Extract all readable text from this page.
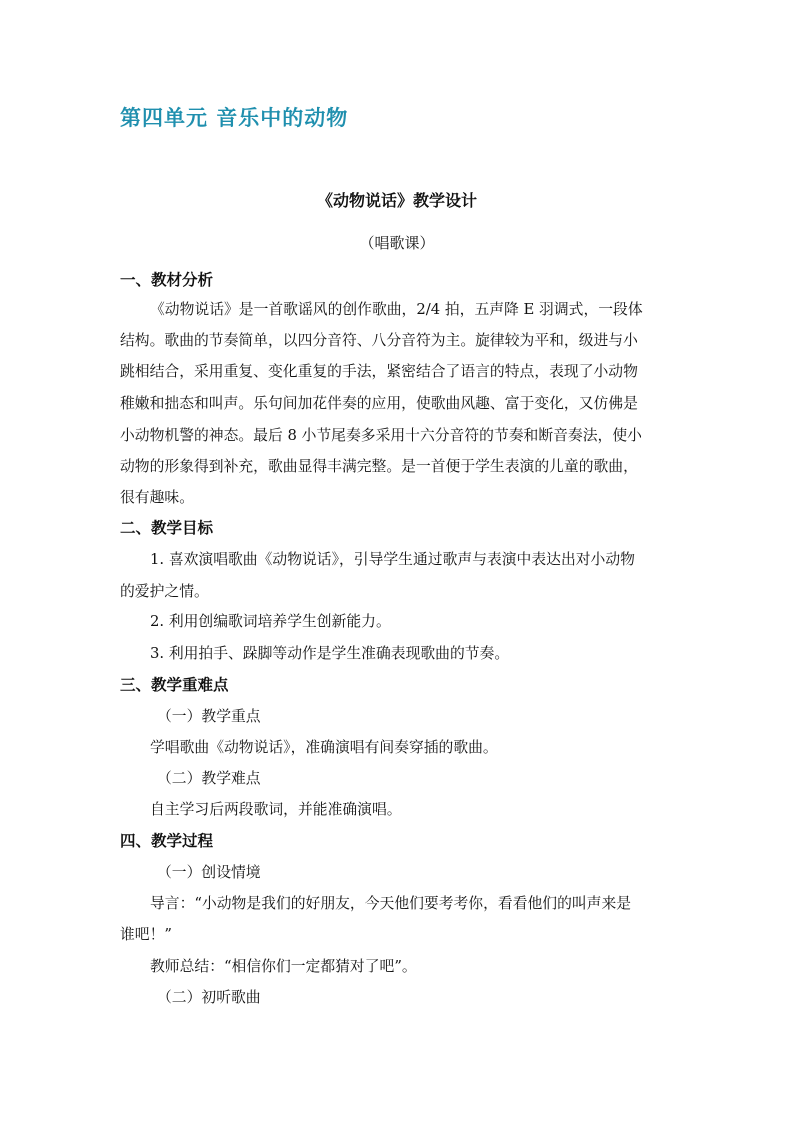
第四单元 音乐中的动物
《动物说话》教学设计
（唱歌课）
一、教材分析
《动物说话》是一首歌谣风的创作歌曲，2/4 拍，五声降 E 羽调式，一段体
结构。歌曲的节奏简单，以四分音符、八分音符为主。旋律较为平和，级进与小
跳相结合，采用重复、变化重复的手法，紧密结合了语言的特点，表现了小动物
稚嫩和拙态和叫声。乐句间加花伴奏的应用，使歌曲风趣、富于变化，又仿佛是
小动物机警的神态。最后 8 小节尾奏多采用十六分音符的节奏和断音奏法，使小
动物的形象得到补充，歌曲显得丰满完整。是一首便于学生表演的儿童的歌曲，
很有趣味。
二、教学目标
1. 喜欢演唱歌曲《动物说话》，引导学生通过歌声与表演中表达出对小动物
的爱护之情。
2. 利用创编歌词培养学生创新能力。
3. 利用拍手、跺脚等动作是学生准确表现歌曲的节奏。
三、教学重难点
（一）教学重点
学唱歌曲《动物说话》，准确演唱有间奏穿插的歌曲。
（二）教学难点
自主学习后两段歌词，并能准确演唱。
四、教学过程
（一）创设情境
导言：“小动物是我们的好朋友，今天他们要考考你，看看他们的叫声来是
谁吧！”
教师总结：“相信你们一定都猜对了吧”。
（二）初听歌曲
